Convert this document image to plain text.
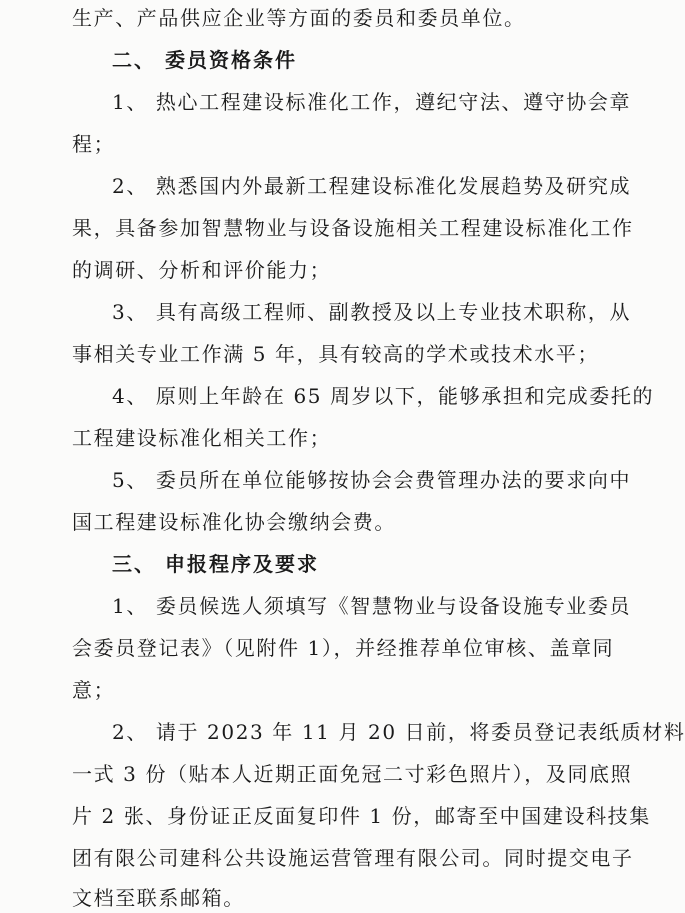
生产、产品供应企业等方面的委员和委员单位。
二、 委员资格条件
1、 热心工程建设标准化工作，遵纪守法、遵守协会章
程；
2、 熟悉国内外最新工程建设标准化发展趋势及研究成
果，具备参加智慧物业与设备设施相关工程建设标准化工作
的调研、分析和评价能力；
3、 具有高级工程师、副教授及以上专业技术职称，从
事相关专业工作满 5 年，具有较高的学术或技术水平；
4、 原则上年龄在 65 周岁以下，能够承担和完成委托的
工程建设标准化相关工作；
5、 委员所在单位能够按协会会费管理办法的要求向中
国工程建设标准化协会缴纳会费。
三、 申报程序及要求
1、 委员候选人须填写《智慧物业与设备设施专业委员
会委员登记表》（见附件 1），并经推荐单位审核、盖章同
意；
2、 请于 2023 年 11 月 20 日前，将委员登记表纸质材料
一式 3 份（贴本人近期正面免冠二寸彩色照片），及同底照
片 2 张、身份证正反面复印件 1 份，邮寄至中国建设科技集
团有限公司建科公共设施运营管理有限公司。同时提交电子
文档至联系邮箱。
